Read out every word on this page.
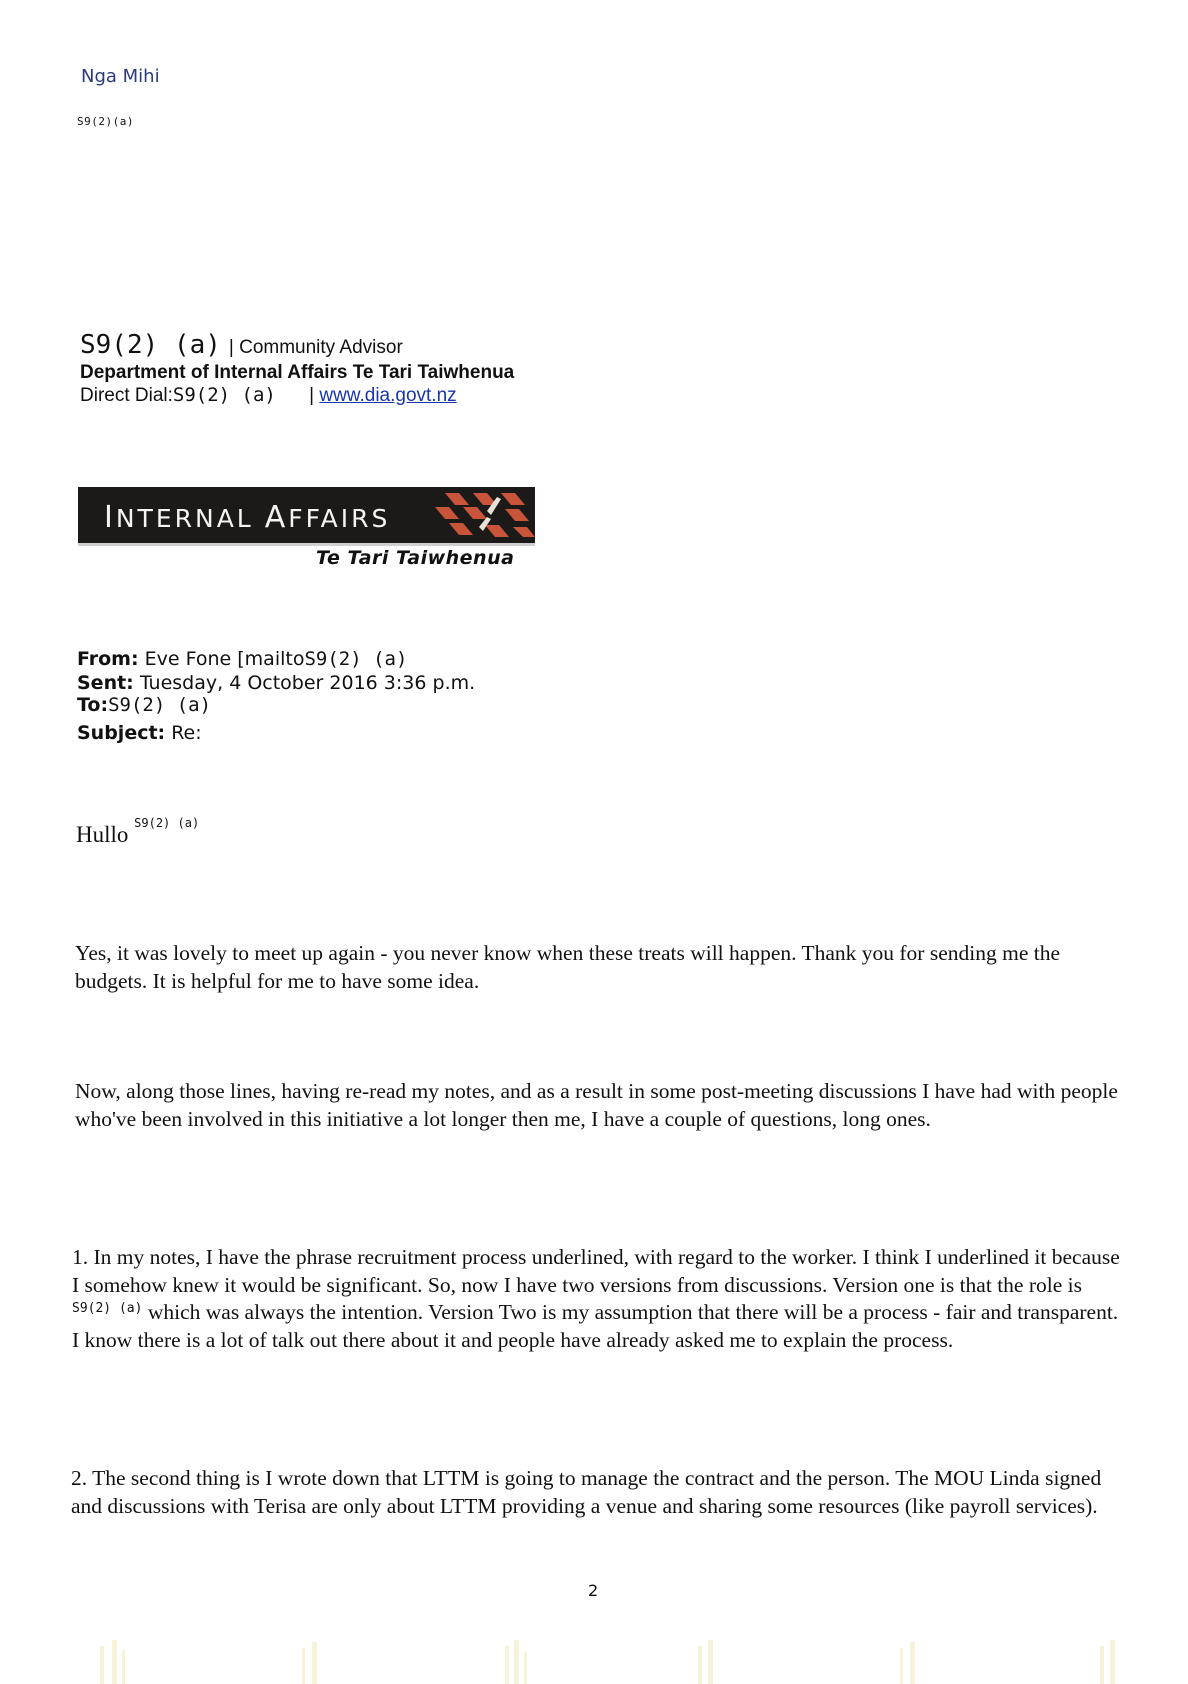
Nga Mihi
S9(2)(a)
S9(2) (a) | Community Advisor
Department of Internal Affairs Te Tari Taiwhenua
Direct Dial:S9(2) (a) | www.dia.govt.nz
INTERNAL AFFAIRS
Te Tari Taiwhenua
From: Eve Fone [mailtoS9(2) (a)
Sent: Tuesday, 4 October 2016 3:36 p.m.
To:S9(2) (a)
Subject: Re:
Hullo $^{S9(2) (a)}$
Yes, it was lovely to meet up again - you never know when these treats will happen. Thank you for sending me the budgets. It is helpful for me to have some idea.
Now, along those lines, having re-read my notes, and as a result in some post-meeting discussions I have had with people who've been involved in this initiative a lot longer then me, I have a couple of questions, long ones.
1. In my notes, I have the phrase recruitment process underlined, with regard to the worker. I think I underlined it because I somehow knew it would be significant. So, now I have two versions from discussions. Version one is that the role is $^{S9(2) (a)}$ which was always the intention. Version Two is my assumption that there will be a process - fair and transparent. I know there is a lot of talk out there about it and people have already asked me to explain the process.
2. The second thing is I wrote down that LTTM is going to manage the contract and the person. The MOU Linda signed and discussions with Terisa are only about LTTM providing a venue and sharing some resources (like payroll services).
2
